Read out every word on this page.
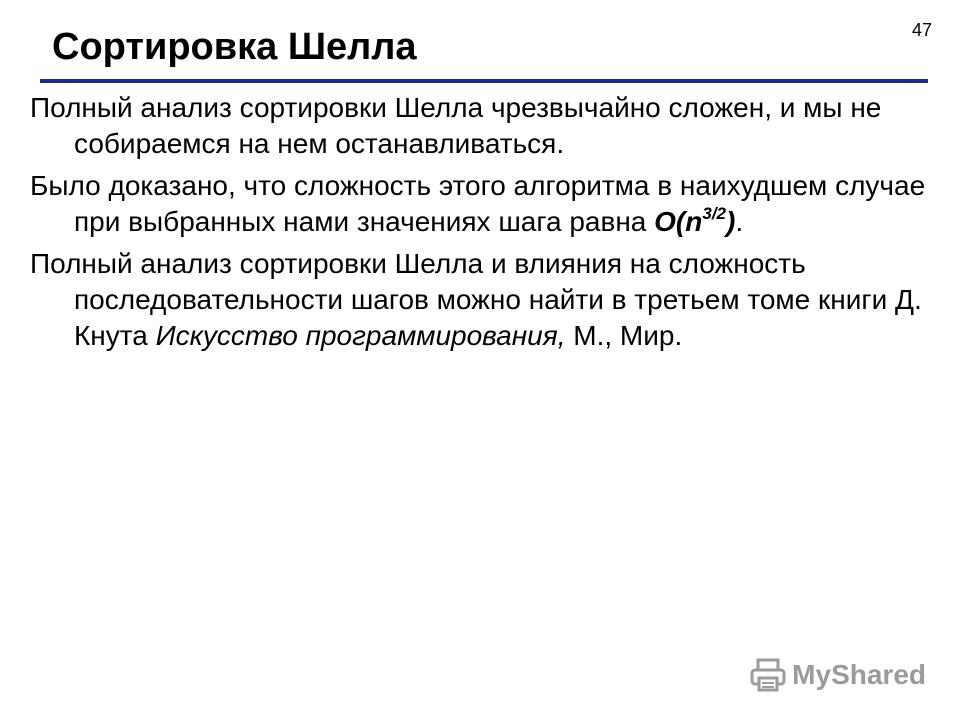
47
Сортировка Шелла

Полный анализ сортировки Шелла чрезвычайно сложен, и мы не собираемся на нем останавливаться.

Было доказано, что сложность этого алгоритма в наихудшем случае при выбранных нами значениях шага равна $O(n^{3/2})$.

Полный анализ сортировки Шелла и влияния на сложность последовательности шагов можно найти в третьем томе книги Д. Кнута Искусство программирования, М., Мир.

MyShared
